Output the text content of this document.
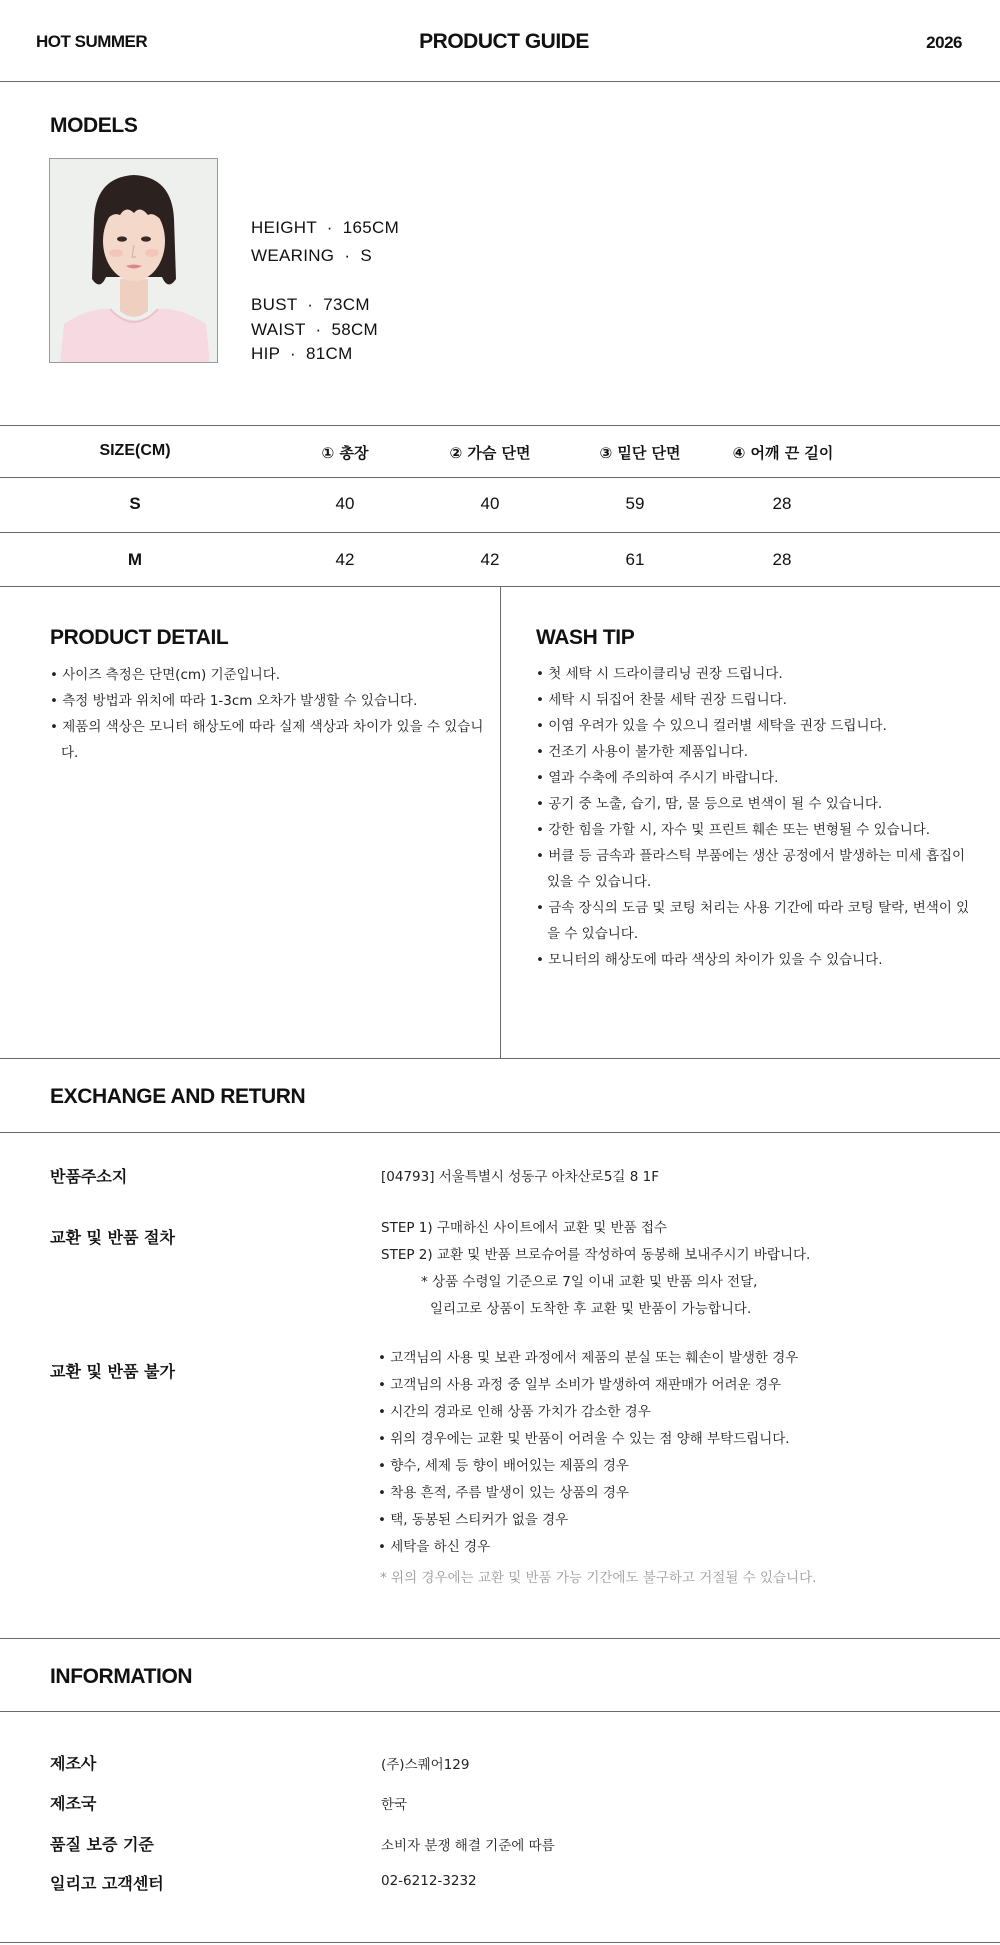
HOT SUMMER	PRODUCT GUIDE	2026
MODELS
HEIGHT  ·  165CM
WEARING  ·  S
BUST  ·  73CM
WAIST  ·  58CM
HIP  ·  81CM
SIZE(CM)	① 총장	② 가슴 단면	③ 밑단 단면	④ 어깨 끈 길이
S	40	40	59	28
M	42	42	61	28
PRODUCT DETAIL
• 사이즈 측정은 단면(cm) 기준입니다.
• 측정 방법과 위치에 따라 1-3cm 오차가 발생할 수 있습니다.
• 제품의 색상은 모니터 해상도에 따라 실제 색상과 차이가 있을 수 있습니다.
WASH TIP
• 첫 세탁 시 드라이클리닝 권장 드립니다.
• 세탁 시 뒤집어 찬물 세탁 권장 드립니다.
• 이염 우려가 있을 수 있으니 컬러별 세탁을 권장 드립니다.
• 건조기 사용이 불가한 제품입니다.
• 열과 수축에 주의하여 주시기 바랍니다.
• 공기 중 노출, 습기, 땀, 물 등으로 변색이 될 수 있습니다.
• 강한 힘을 가할 시, 자수 및 프린트 훼손 또는 변형될 수 있습니다.
• 버클 등 금속과 플라스틱 부품에는 생산 공정에서 발생하는 미세 흡집이 있을 수 있습니다.
• 금속 장식의 도금 및 코팅 처리는 사용 기간에 따라 코팅 탈락, 변색이 있을 수 있습니다.
• 모니터의 해상도에 따라 색상의 차이가 있을 수 있습니다.
EXCHANGE AND RETURN
반품주소지	[04793] 서울특별시 성동구 아차산로5길 8 1F
교환 및 반품 절차	STEP 1) 구매하신 사이트에서 교환 및 반품 접수
STEP 2) 교환 및 반품 브로슈어를 작성하여 동봉해 보내주시기 바랍니다.
* 상품 수령일 기준으로 7일 이내 교환 및 반품 의사 전달,
일리고로 상품이 도착한 후 교환 및 반품이 가능합니다.
교환 및 반품 불가
• 고객님의 사용 및 보관 과정에서 제품의 분실 또는 훼손이 발생한 경우
• 고객님의 사용 과정 중 일부 소비가 발생하여 재판매가 어려운 경우
• 시간의 경과로 인해 상품 가치가 감소한 경우
• 위의 경우에는 교환 및 반품이 어려울 수 있는 점 양해 부탁드립니다.
• 향수, 세제 등 향이 배어있는 제품의 경우
• 착용 흔적, 주름 발생이 있는 상품의 경우
• 택, 동봉된 스티커가 없을 경우
• 세탁을 하신 경우
* 위의 경우에는 교환 및 반품 가능 기간에도 불구하고 거절될 수 있습니다.
INFORMATION
제조사	(주)스퀘어129
제조국	한국
품질 보증 기준	소비자 분쟁 해결 기준에 따름
일리고 고객센터	02-6212-3232
